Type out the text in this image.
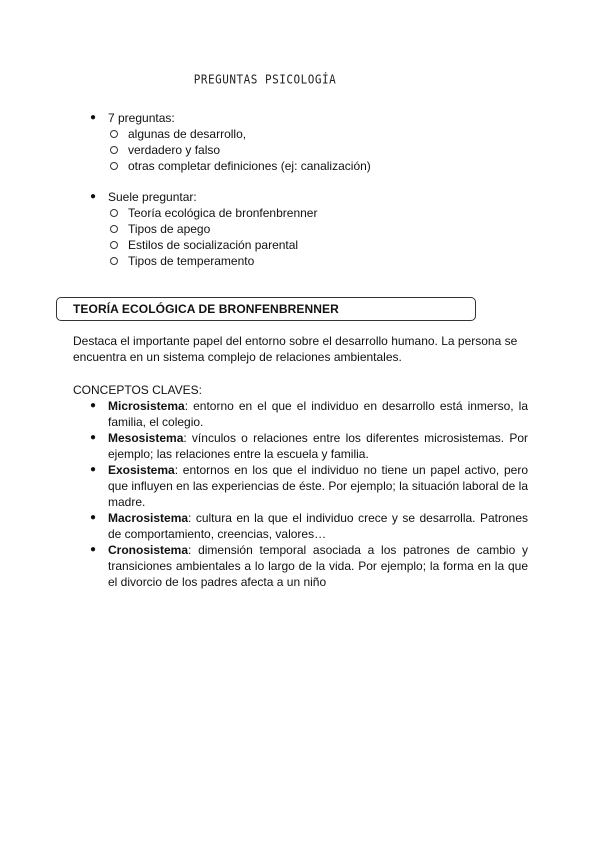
PREGUNTAS PSICOLOGÍA
● 7 preguntas:
algunas de desarrollo,
verdadero y falso
otras completar definiciones (ej: canalización)
● Suele preguntar:
Teoría ecológica de bronfenbrenner
Tipos de apego
Estilos de socialización parental
Tipos de temperamento
TEORÍA ECOLÓGICA DE BRONFENBRENNER
Destaca el importante papel del entorno sobre el desarrollo humano. La persona se
encuentra en un sistema complejo de relaciones ambientales.
CONCEPTOS CLAVES:
● Microsistema: entorno en el que el individuo en desarrollo está inmerso, la familia, el colegio.
● Mesosistema: vínculos o relaciones entre los diferentes microsistemas. Por ejemplo; las relaciones entre la escuela y familia.
● Exosistema: entornos en los que el individuo no tiene un papel activo, pero que influyen en las experiencias de éste. Por ejemplo; la situación laboral de la madre.
● Macrosistema: cultura en la que el individuo crece y se desarrolla. Patrones de comportamiento, creencias, valores…
● Cronosistema: dimensión temporal asociada a los patrones de cambio y transiciones ambientales a lo largo de la vida. Por ejemplo; la forma en la que el divorcio de los padres afecta a un niño
